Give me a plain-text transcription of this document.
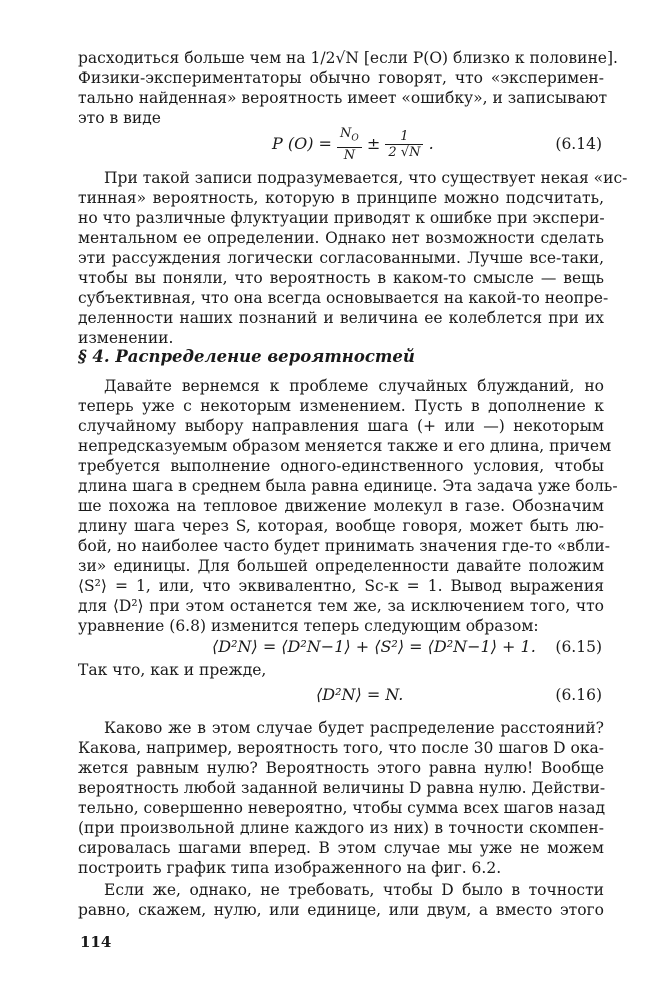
расходиться больше чем на 1/2√N [если P(O) близко к половине].
Физики-экспериментаторы обычно говорят, что «эксперимен-
тально найденная» вероятность имеет «ошибку», и записывают
это в виде
P $(O) = \frac{N_O}{N} \pm \frac{1}{2 √N}$ .	(6.14)
При такой записи подразумевается, что существует некая «ис-
тинная» вероятность, которую в принципе можно подсчитать,
но что различные флуктуации приводят к ошибке при экспери-
ментальном ее определении. Однако нет возможности сделать
эти рассуждения логически согласованными. Лучше все-таки,
чтобы вы поняли, что вероятность в каком-то смысле — вещь
субъективная, что она всегда основывается на какой-то неопре-
деленности наших познаний и величина ее колеблется при их
изменении.
§ 4. Распределение вероятностей
Давайте вернемся к проблеме случайных блужданий, но
теперь уже с некоторым изменением. Пусть в дополнение к
случайному выбору направления шага (+ или —) некоторым
непредсказуемым образом меняется также и его длина, причем
требуется выполнение одного-единственного условия, чтобы
длина шага в среднем была равна единице. Эта задача уже боль-
ше похожа на тепловое движение молекул в газе. Обозначим
длину шага через S, которая, вообще говоря, может быть лю-
бой, но наиболее часто будет принимать значения где-то «вбли-
зи» единицы. Для большей определенности давайте положим
⟨S²⟩ = 1, или, что эквивалентно, Sс-к = 1. Вывод выражения
для ⟨D²⟩ при этом останется тем же, за исключением того, что
уравнение (6.8) изменится теперь следующим образом:
⟨D²N⟩ = ⟨D²N−1⟩ + ⟨S²⟩ = ⟨D²N−1⟩ + 1. (6.15)
Так что, как и прежде,
⟨D²N⟩ = N.	(6.16)
Каково же в этом случае будет распределение расстояний?
Какова, например, вероятность того, что после 30 шагов D ока-
жется равным нулю? Вероятность этого равна нулю! Вообще
вероятность любой заданной величины D равна нулю. Действи-
тельно, совершенно невероятно, чтобы сумма всех шагов назад
(при произвольной длине каждого из них) в точности скомпен-
сировалась шагами вперед. В этом случае мы уже не можем
построить график типа изображенного на фиг. 6.2.
Если же, однако, не требовать, чтобы D было в точности
равно, скажем, нулю, или единице, или двум, а вместо этого
114
